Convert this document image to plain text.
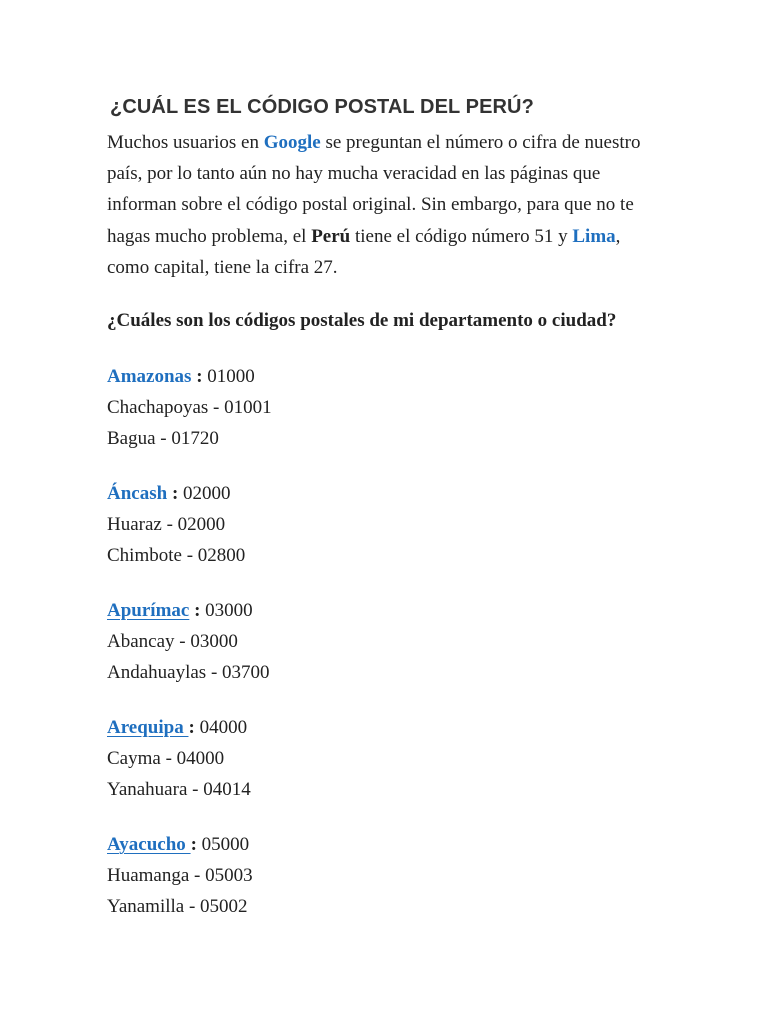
¿CUÁL ES EL CÓDIGO POSTAL DEL PERÚ?

Muchos usuarios en Google se preguntan el número o cifra de nuestro país, por lo tanto aún no hay mucha veracidad en las páginas que informan sobre el código postal original. Sin embargo, para que no te hagas mucho problema, el Perú tiene el código número 51 y Lima, como capital, tiene la cifra 27.

¿Cuáles son los códigos postales de mi departamento o ciudad?

Amazonas : 01000
Chachapoyas - 01001
Bagua - 01720
Áncash : 02000
Huaraz - 02000
Chimbote - 02800
Apurímac : 03000
Abancay - 03000
Andahuaylas - 03700
Arequipa : 04000
Cayma - 04000
Yanahuara - 04014
Ayacucho : 05000
Huamanga - 05003
Yanamilla - 05002
